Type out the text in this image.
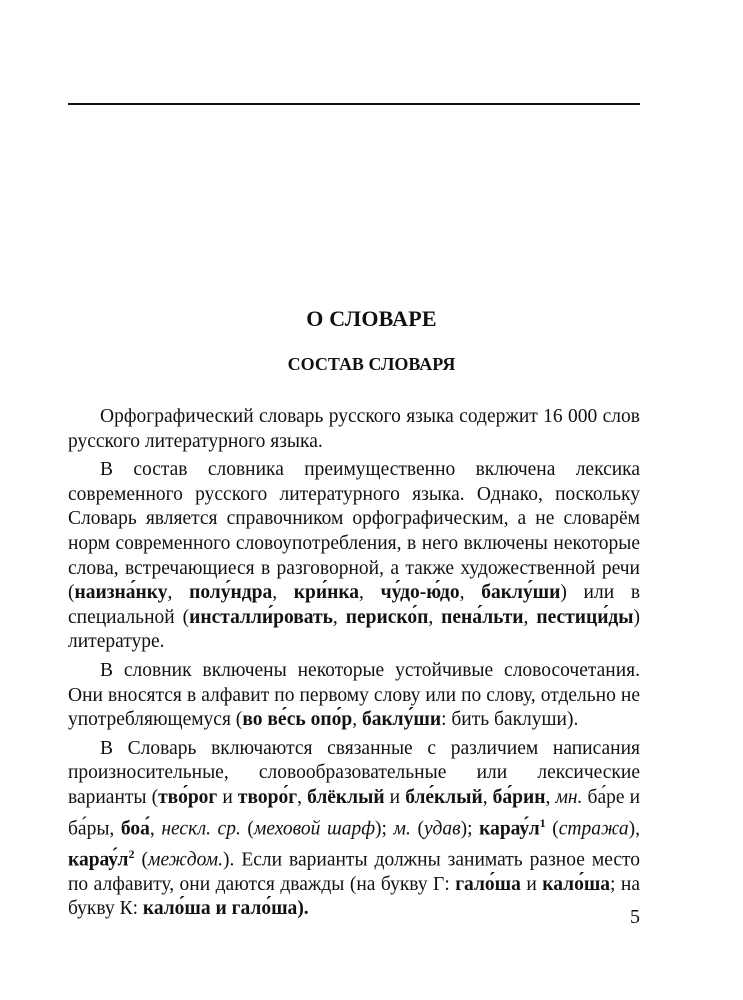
О СЛОВАРЕ
СОСТАВ СЛОВАРЯ

Орфографический словарь русского языка содержит 16 000 слов русского литературного языка.

В состав словника преимущественно включена лексика современного русского литературного языка. Однако, поскольку Словарь является справочником орфографическим, а не словарём норм современного словоупотребления, в него включены некоторые слова, встречающиеся в разговорной, а также художественной речи (наизна́нку, полу́ндра, кри́нка, чу́до-ю́до, баклу́ши) или в специальной (инсталли́ровать, периско́п, пена́льти, пестици́ды) литературе.

В словник включены некоторые устойчивые словосочетания. Они вносятся в алфавит по первому слову или по слову, отдельно не употребляющемуся (во ве́сь опо́р, баклу́ши: бить баклуши).

В Словарь включаются связанные с различием написания произносительные, словообразовательные или лексические варианты (тво́рог и творо́г, блёклый и бле́клый, ба́рин, мн. ба́ре и ба́ры, боа́, нескл. ср. (меховой шарф); м. (удав); $карау́л^1$ (стража), $карау́л^2$ (междом.). Если варианты должны занимать разное место по алфавиту, они даются дважды (на букву Г: гало́ша и кало́ша; на букву К: кало́ша и гало́ша).	5
